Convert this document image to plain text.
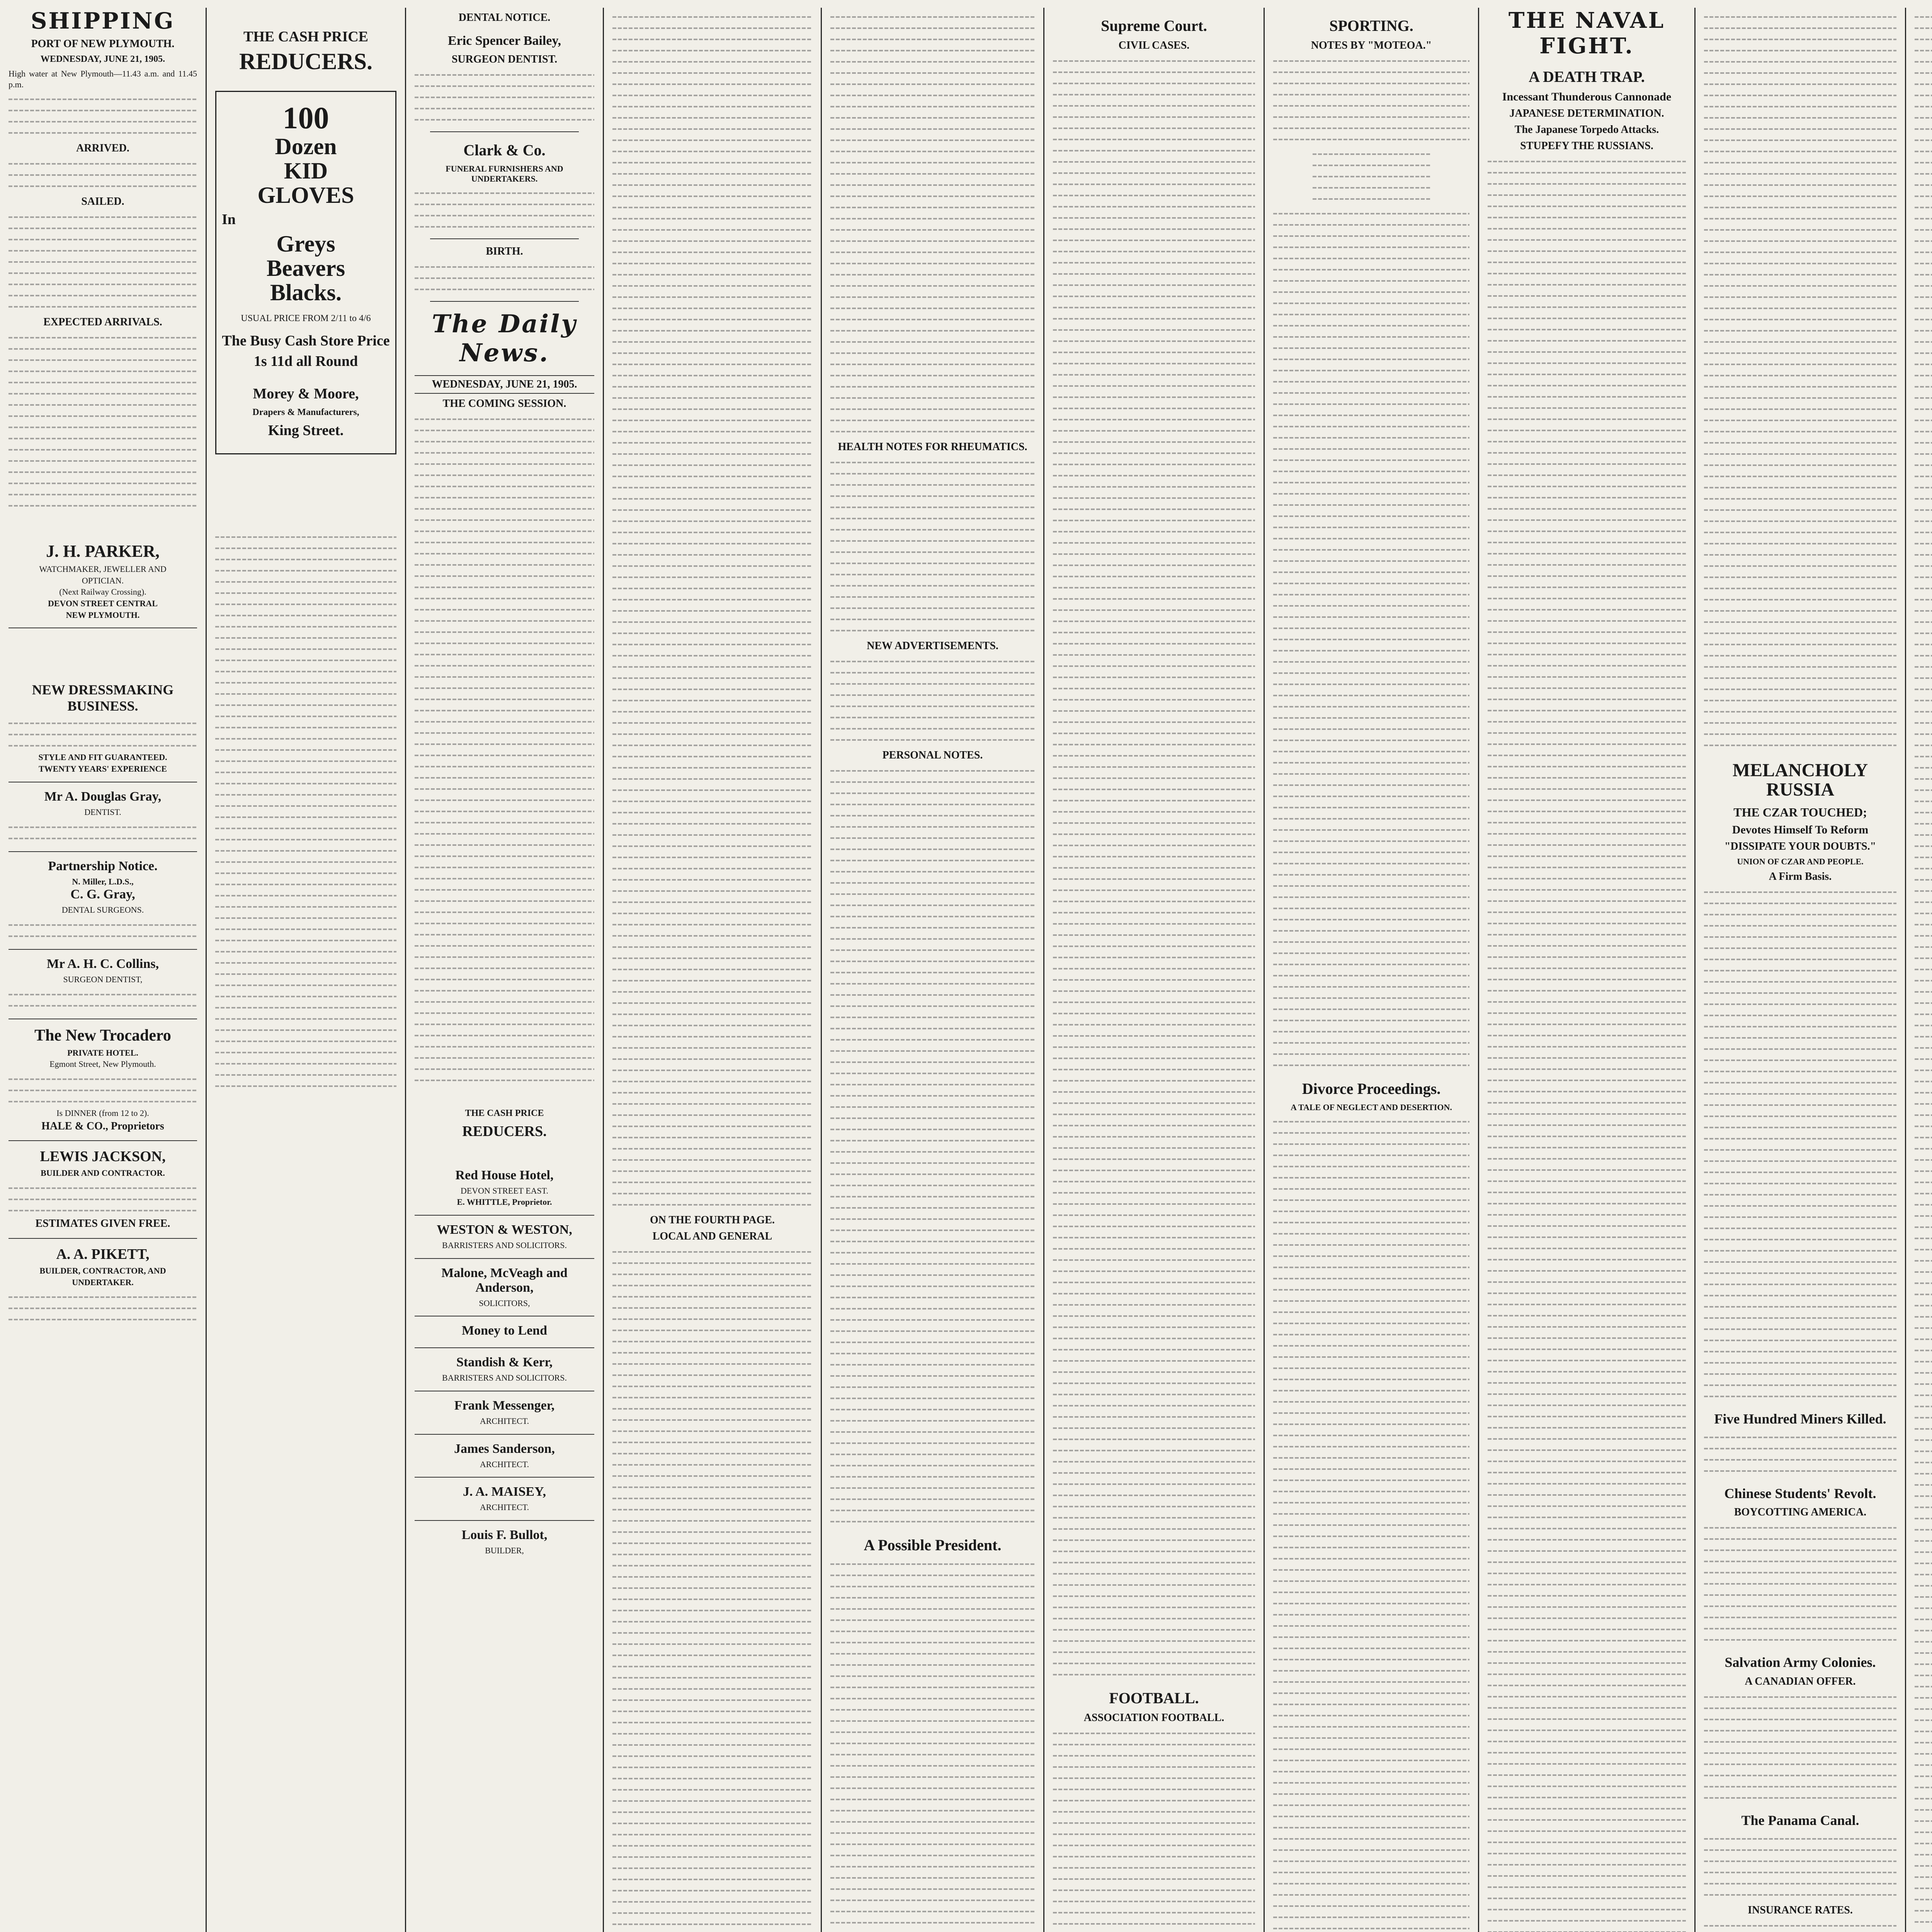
SHIPPING
PORT OF NEW PLYMOUTH.
WEDNESDAY, JUNE 21, 1905.

High water at New Plymouth—11.43 a.m. and 11.45 p.m.

ARRIVED.
SAILED.
EXPECTED ARRIVALS.
J. H. PARKER,
WATCHMAKER, JEWELLER AND
OPTICIAN.
(Next Railway Crossing).
DEVON STREET CENTRAL
NEW PLYMOUTH.
NEW DRESSMAKING BUSINESS.
STYLE AND FIT GUARANTEED.
TWENTY YEARS' EXPERIENCE
Mr A. Douglas Gray,
DENTIST.
Partnership Notice.
N. Miller, L.D.S.,
C. G. Gray,
DENTAL SURGEONS.
Mr A. H. C. Collins,
SURGEON DENTIST,
The New Trocadero
PRIVATE HOTEL.
Egmont Street, New Plymouth.
Is DINNER (from 12 to 2).
HALE & CO., Proprietors
LEWIS JACKSON,
BUILDER AND CONTRACTOR.
ESTIMATES GIVEN FREE.
A. A. PIKETT,
BUILDER, CONTRACTOR, AND UNDERTAKER.
THE CASH PRICE
REDUCERS.
100
Dozen
KID
GLOVES
In
Greys
Beavers
Blacks.
USUAL PRICE FROM 2/11 to 4/6
The Busy Cash Store Price
1s 11d all Round
Morey & Moore,
Drapers & Manufacturers,
King Street.
DENTAL NOTICE.
Eric Spencer Bailey,
SURGEON DENTIST.
Clark & Co.
FUNERAL FURNISHERS AND UNDERTAKERS.
BIRTH.
The Daily News.
WEDNESDAY, JUNE 21, 1905.
THE COMING SESSION.
THE CASH PRICE
REDUCERS.
Red House Hotel,
DEVON STREET EAST.
E. WHITTLE, Proprietor.
WESTON & WESTON,
BARRISTERS AND SOLICITORS.
Malone, McVeagh and Anderson,
SOLICITORS,
Money to Lend
Standish & Kerr,
BARRISTERS AND SOLICITORS.
Frank Messenger,
ARCHITECT.
James Sanderson,
ARCHITECT.
J. A. MAISEY,
ARCHITECT.
Louis F. Bullot,
BUILDER,
ON THE FOURTH PAGE.
LOCAL AND GENERAL
HEALTH NOTES FOR RHEUMATICS.
NEW ADVERTISEMENTS.
PERSONAL NOTES.
A Possible President.
Supreme Court.
CIVIL CASES.
FOOTBALL.
ASSOCIATION FOOTBALL.
SPORTING.
NOTES BY "MOTEOA."
Divorce Proceedings.
A TALE OF NEGLECT AND DESERTION.
THE NAVAL FIGHT.
A DEATH TRAP.
Incessant Thunderous Cannonade
JAPANESE DETERMINATION.
The Japanese Torpedo Attacks.
STUPEFY THE RUSSIANS.
MELANCHOLY RUSSIA
THE CZAR TOUCHED;
Devotes Himself To Reform
"DISSIPATE YOUR DOUBTS."
UNION OF CZAR AND PEOPLE.
A Firm Basis.
Five Hundred Miners Killed.
Chinese Students' Revolt.
BOYCOTTING AMERICA.
Salvation Army Colonies.
A CANADIAN OFFER.
The Panama Canal.
INSURANCE RATES.
